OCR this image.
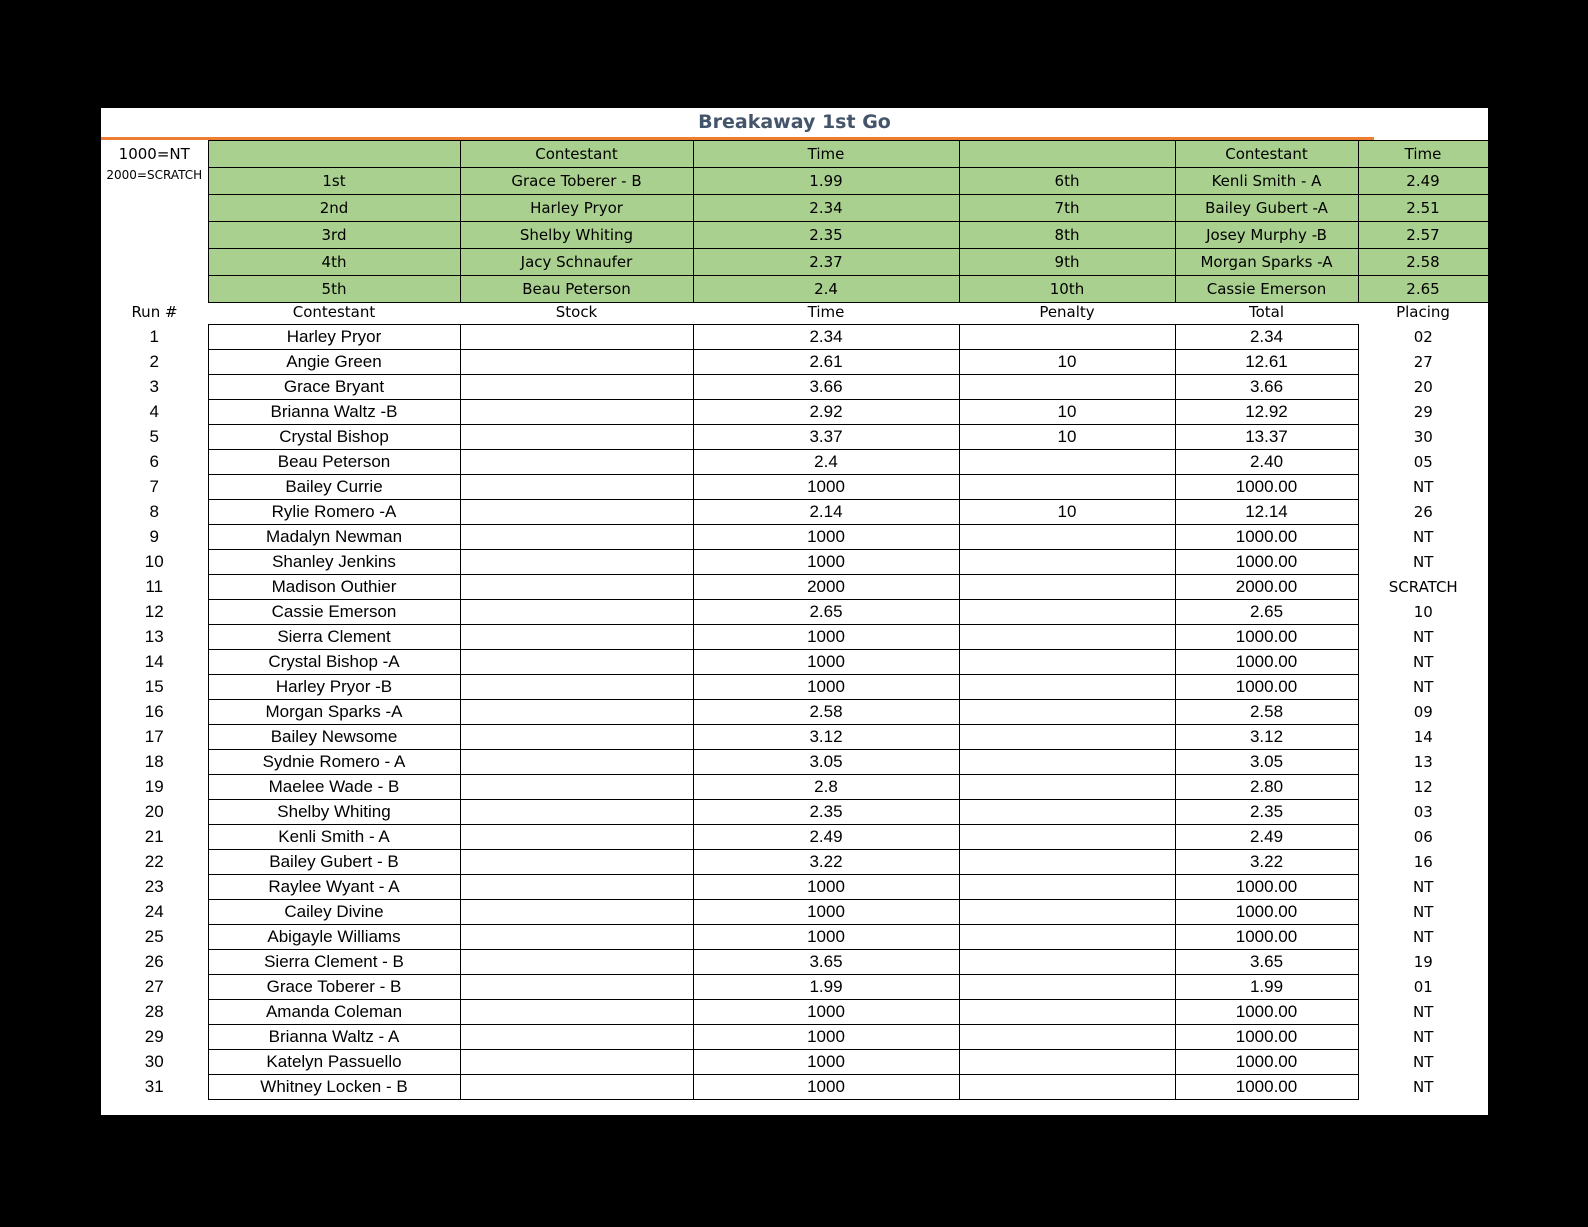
Breakaway 1st Go
1000=NT		Contestant	Time		Contestant	Time
2000=SCRATCH	1st	Grace Toberer - B	1.99	6th	Kenli Smith - A	2.49
	2nd	Harley Pryor	2.34	7th	Bailey Gubert -A	2.51
	3rd	Shelby Whiting	2.35	8th	Josey Murphy -B	2.57
	4th	Jacy Schnaufer	2.37	9th	Morgan Sparks -A	2.58
	5th	Beau Peterson	2.4	10th	Cassie Emerson	2.65
Run #	Contestant	Stock	Time	Penalty	Total	Placing
1	Harley Pryor		2.34		2.34	02
2	Angie Green		2.61	10	12.61	27
3	Grace Bryant		3.66		3.66	20
4	Brianna Waltz -B		2.92	10	12.92	29
5	Crystal Bishop		3.37	10	13.37	30
6	Beau Peterson		2.4		2.40	05
7	Bailey Currie		1000		1000.00	NT
8	Rylie Romero -A		2.14	10	12.14	26
9	Madalyn Newman		1000		1000.00	NT
10	Shanley Jenkins		1000		1000.00	NT
11	Madison Outhier		2000		2000.00	SCRATCH
12	Cassie Emerson		2.65		2.65	10
13	Sierra Clement		1000		1000.00	NT
14	Crystal Bishop -A		1000		1000.00	NT
15	Harley Pryor -B		1000		1000.00	NT
16	Morgan Sparks -A		2.58		2.58	09
17	Bailey Newsome		3.12		3.12	14
18	Sydnie Romero - A		3.05		3.05	13
19	Maelee Wade - B		2.8		2.80	12
20	Shelby Whiting		2.35		2.35	03
21	Kenli Smith - A		2.49		2.49	06
22	Bailey Gubert - B		3.22		3.22	16
23	Raylee Wyant - A		1000		1000.00	NT
24	Cailey Divine		1000		1000.00	NT
25	Abigayle Williams		1000		1000.00	NT
26	Sierra Clement - B		3.65		3.65	19
27	Grace Toberer - B		1.99		1.99	01
28	Amanda Coleman		1000		1000.00	NT
29	Brianna Waltz - A		1000		1000.00	NT
30	Katelyn Passuello		1000		1000.00	NT
31	Whitney Locken - B		1000		1000.00	NT
